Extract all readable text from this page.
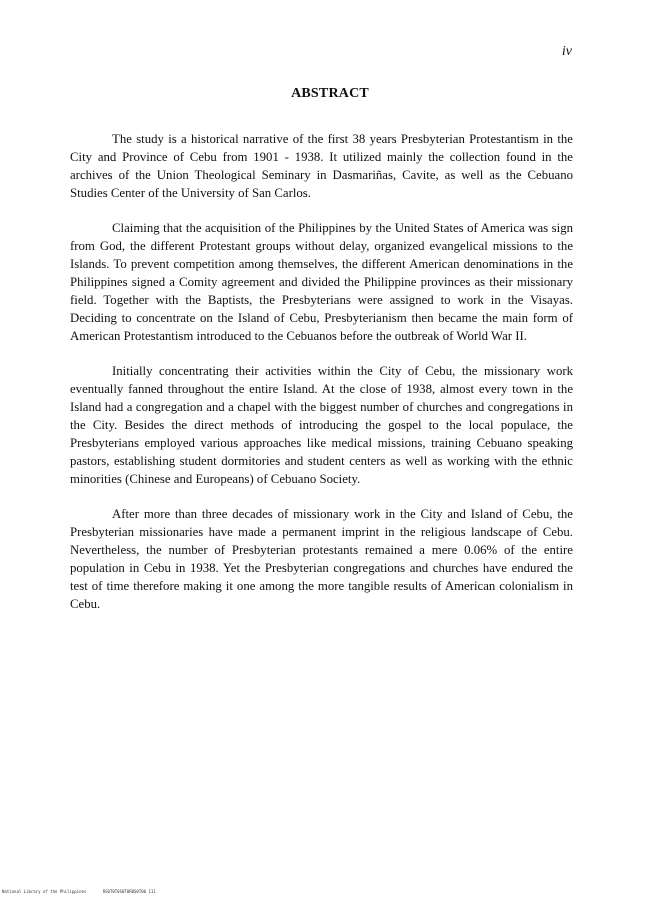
iv
ABSTRACT

The study is a historical narrative of the first 38 years Presbyterian Protestantism in the City and Province of Cebu from 1901 - 1938. It utilized mainly the collection found in the archives of the Union Theological Seminary in Dasmariñas, Cavite, as well as the Cebuano Studies Center of the University of San Carlos.

Claiming that the acquisition of the Philippines by the United States of America was sign from God, the different Protestant groups without delay, organized evangelical missions to the Islands. To prevent competition among themselves, the different American denominations in the Philippines signed a Comity agreement and divided the Philippine provinces as their missionary field. Together with the Baptists, the Presbyterians were assigned to work in the Visayas. Deciding to concentrate on the Island of Cebu, Presbyterianism then became the main form of American Protestantism introduced to the Cebuanos before the outbreak of World War II.

Initially concentrating their activities within the City of Cebu, the missionary work eventually fanned throughout the entire Island. At the close of 1938, almost every town in the Island had a congregation and a chapel with the biggest number of churches and congregations in the City. Besides the direct methods of introducing the gospel to the local populace, the Presbyterians employed various approaches like medical missions, training Cebuano speaking pastors, establishing student dormitories and student centers as well as working with the ethnic minorities (Chinese and Europeans) of Cebuano Society.

After more than three decades of missionary work in the City and Island of Cebu, the Presbyterian missionaries have made a permanent imprint in the religious landscape of Cebu. Nevertheless, the number of Presbyterian protestants remained a mere 0.06% of the entire population in Cebu in 1938. Yet the Presbyterian congregations and churches have endured the test of time therefore making it one among the more tangible results of American colonialism in Cebu.

National Library of the Philippines	RS0T0T0S0T0R0S0T00 111
